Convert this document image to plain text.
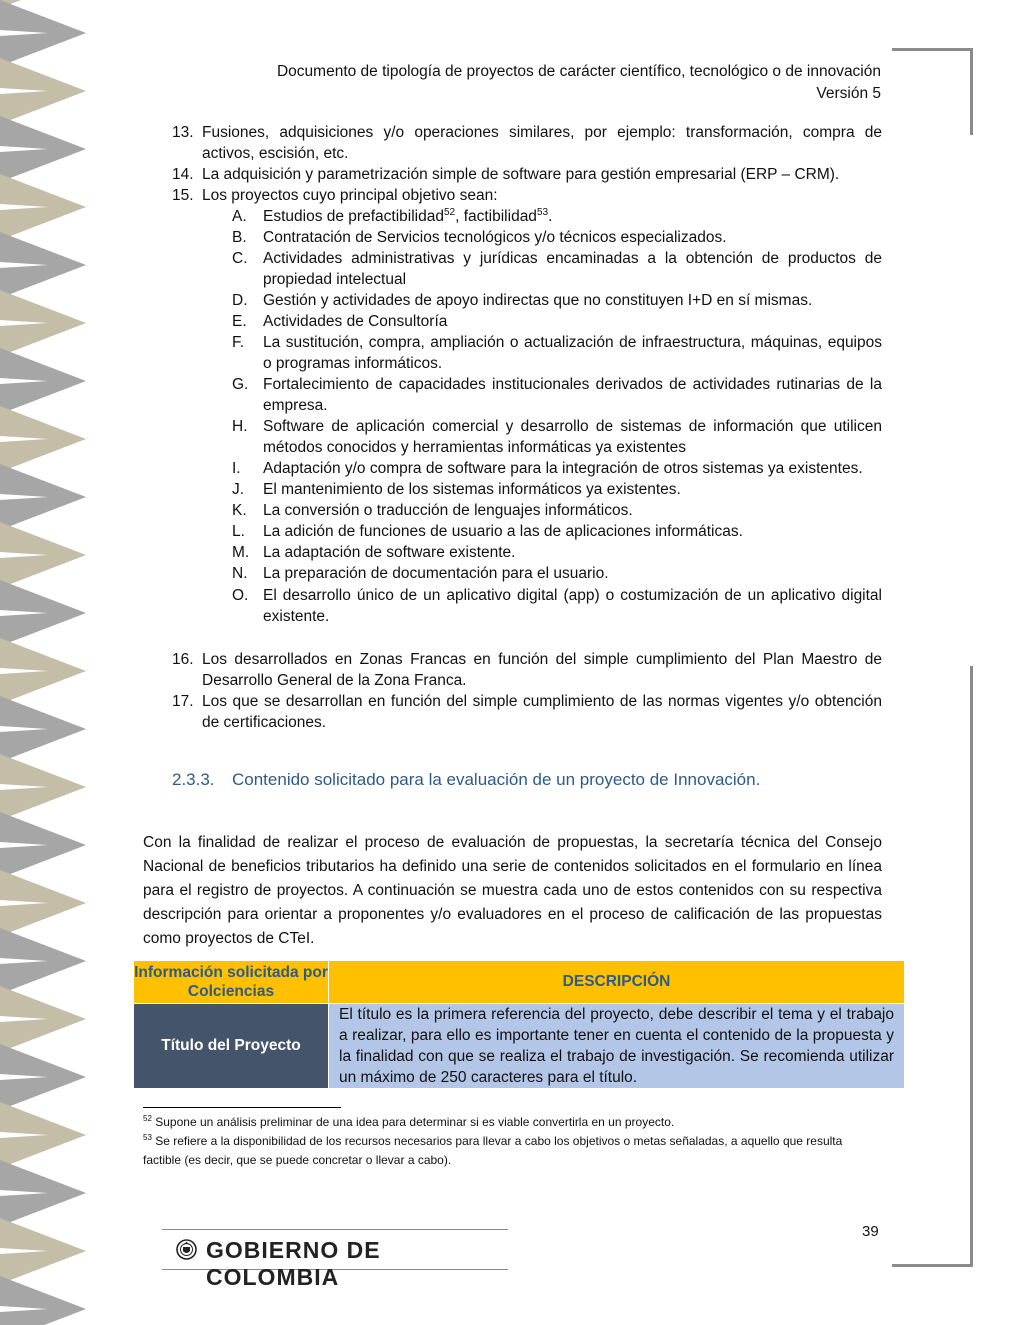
Documento de tipología de proyectos de carácter científico, tecnológico o de innovación
Versión 5
13. Fusiones, adquisiciones y/o operaciones similares, por ejemplo: transformación, compra de activos, escisión, etc.
14. La adquisición y parametrización simple de software para gestión empresarial (ERP – CRM).
15. Los proyectos cuyo principal objetivo sean:
A. Estudios de prefactibilidad$^{52}$, factibilidad$^{53}$.
B. Contratación de Servicios tecnológicos y/o técnicos especializados.
C. Actividades administrativas y jurídicas encaminadas a la obtención de productos de propiedad intelectual
D. Gestión y actividades de apoyo indirectas que no constituyen I+D en sí mismas.
E. Actividades de Consultoría
F. La sustitución, compra, ampliación o actualización de infraestructura, máquinas, equipos o programas informáticos.
G. Fortalecimiento de capacidades institucionales derivados de actividades rutinarias de la empresa.
H. Software de aplicación comercial y desarrollo de sistemas de información que utilicen métodos conocidos y herramientas informáticas ya existentes
I. Adaptación y/o compra de software para la integración de otros sistemas ya existentes.
J. El mantenimiento de los sistemas informáticos ya existentes.
K. La conversión o traducción de lenguajes informáticos.
L. La adición de funciones de usuario a las de aplicaciones informáticas.
M. La adaptación de software existente.
N. La preparación de documentación para el usuario.
O. El desarrollo único de un aplicativo digital (app) o costumización de un aplicativo digital existente.
16. Los desarrollados en Zonas Francas en función del simple cumplimiento del Plan Maestro de Desarrollo General de la Zona Franca.
17. Los que se desarrollan en función del simple cumplimiento de las normas vigentes y/o obtención de certificaciones.
2.3.3. Contenido solicitado para la evaluación de un proyecto de Innovación.
Con la finalidad de realizar el proceso de evaluación de propuestas, la secretaría técnica del Consejo Nacional de beneficios tributarios ha definido una serie de contenidos solicitados en el formulario en línea para el registro de proyectos. A continuación se muestra cada uno de estos contenidos con su respectiva descripción para orientar a proponentes y/o evaluadores en el proceso de calificación de las propuestas como proyectos de CTeI.
Información solicitada por Colciencias	DESCRIPCIÓN
Título del Proyecto	El título es la primera referencia del proyecto, debe describir el tema y el trabajo a realizar, para ello es importante tener en cuenta el contenido de la propuesta y la finalidad con que se realiza el trabajo de investigación. Se recomienda utilizar un máximo de 250 caracteres para el título.
$^{52}$ Supone un análisis preliminar de una idea para determinar si es viable convertirla en un proyecto.
$^{53}$ Se refiere a la disponibilidad de los recursos necesarios para llevar a cabo los objetivos o metas señaladas, a aquello que resulta factible (es decir, que se puede concretar o llevar a cabo).
39
GOBIERNO DE COLOMBIA
